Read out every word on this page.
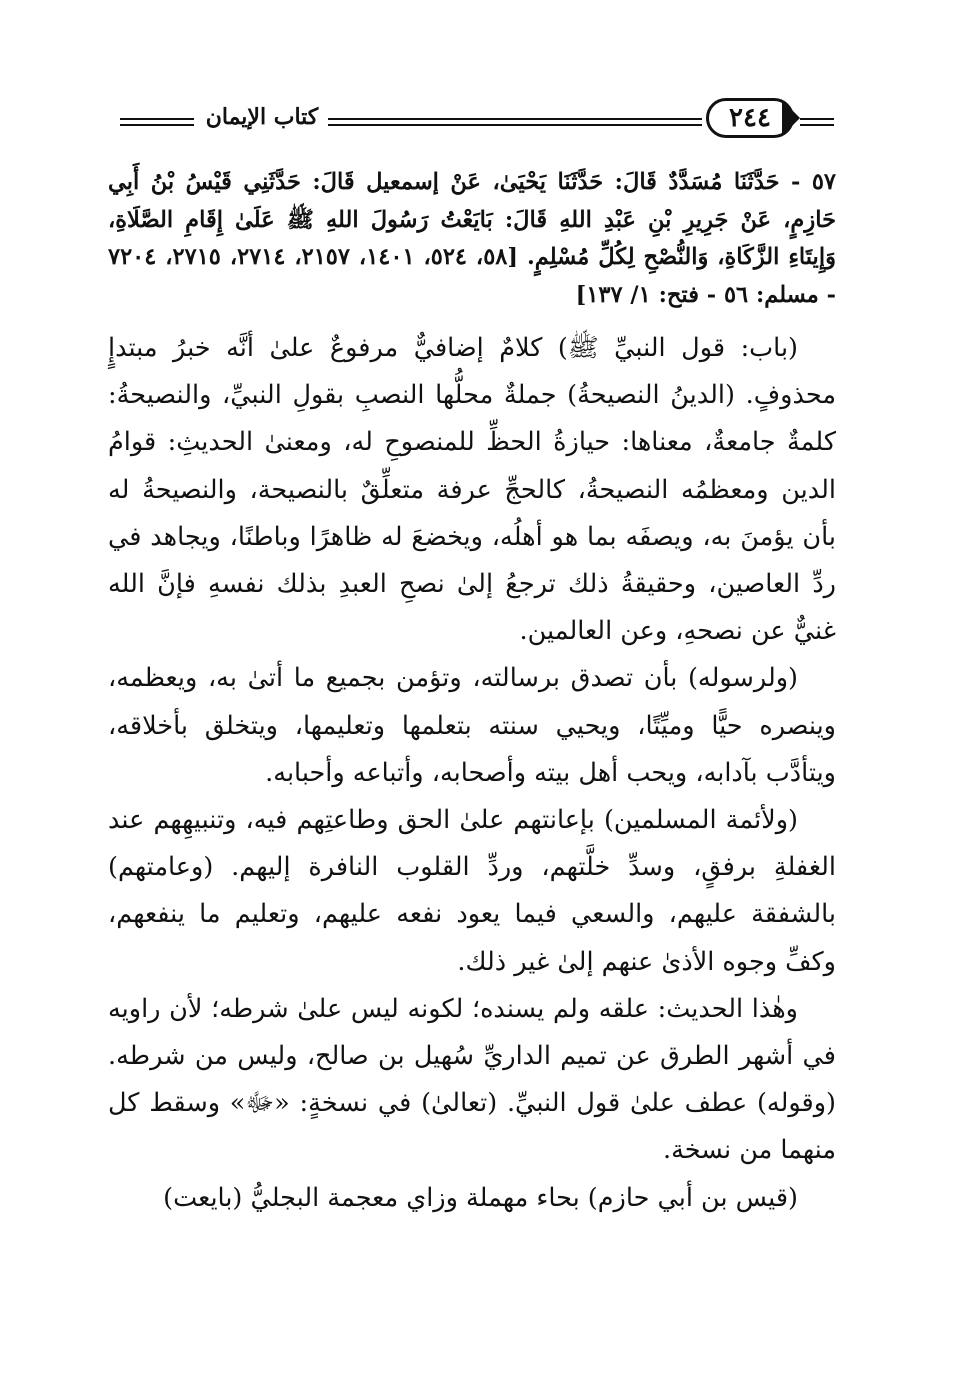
كتاب الإيمان	٢٤٤

٥٧ - حَدَّثَنَا مُسَدَّدٌ قَالَ: حَدَّثَنَا يَحْيَىٰ، عَنْ إسمعيل قَالَ: حَدَّثَنِي قَيْسُ بْنُ أَبِي حَازِمٍ، عَنْ جَرِيرِ بْنِ عَبْدِ اللهِ قَالَ: بَايَعْتُ رَسُولَ اللهِ ﷺ عَلَىٰ إِقَامِ الصَّلَاةِ، وَإِيتَاءِ الزَّكَاةِ، وَالنُّصْحِ لِكُلِّ مُسْلِمٍ. [٥٨، ٥٢٤، ١٤٠١، ٢١٥٧، ٢٧١٤، ٢٧١٥، ٧٢٠٤ - مسلم: ٥٦ - فتح: ١/ ١٣٧]

(باب: قول النبيِّ ﷺ) كلامٌ إضافيٌّ مرفوعٌ علىٰ أنَّه خبرُ مبتدإٍ محذوفٍ. (الدينُ النصيحةُ) جملةٌ محلُّها النصبِ بقولِ النبيِّ، والنصيحةُ: كلمةٌ جامعةٌ، معناها: حيازةُ الحظِّ للمنصوحِ له، ومعنىٰ الحديثِ: قوامُ الدين ومعظمُه النصيحةُ، كالحجِّ عرفة متعلِّقٌ بالنصيحة، والنصيحةُ له بأن يؤمنَ به، ويصفَه بما هو أهلُه، ويخضعَ له ظاهرًا وباطنًا، ويجاهد في ردِّ العاصين، وحقيقةُ ذلك ترجعُ إلىٰ نصحِ العبدِ بذلك نفسهِ فإنَّ الله غنيٌّ عن نصحهِ، وعن العالمين.

(ولرسوله) بأن تصدق برسالته، وتؤمن بجميع ما أتىٰ به، ويعظمه، وينصره حيًّا وميِّتًا، ويحيي سنته بتعلمها وتعليمها، ويتخلق بأخلاقه، ويتأدَّب بآدابه، ويحب أهل بيته وأصحابه، وأتباعه وأحبابه.

(ولأئمة المسلمين) بإعانتهم علىٰ الحق وطاعتِهم فيه، وتنبيهِهم عند الغفلةِ برفقٍ، وسدِّ خلَّتهم، وردِّ القلوب النافرة إليهم. (وعامتهم) بالشفقة عليهم، والسعي فيما يعود نفعه عليهم، وتعليم ما ينفعهم، وكفِّ وجوه الأذىٰ عنهم إلىٰ غير ذلك.

وهٰذا الحديث: علقه ولم يسنده؛ لكونه ليس علىٰ شرطه؛ لأن راويه في أشهر الطرق عن تميم الداريِّ سُهيل بن صالح، وليس من شرطه. (وقوله) عطف علىٰ قول النبيِّ. (تعالىٰ) في نسخةٍ: «ﷻ» وسقط كل منهما من نسخة.

(قيس بن أبي حازم) بحاء مهملة وزاي معجمة البجليُّ (بايعت)
